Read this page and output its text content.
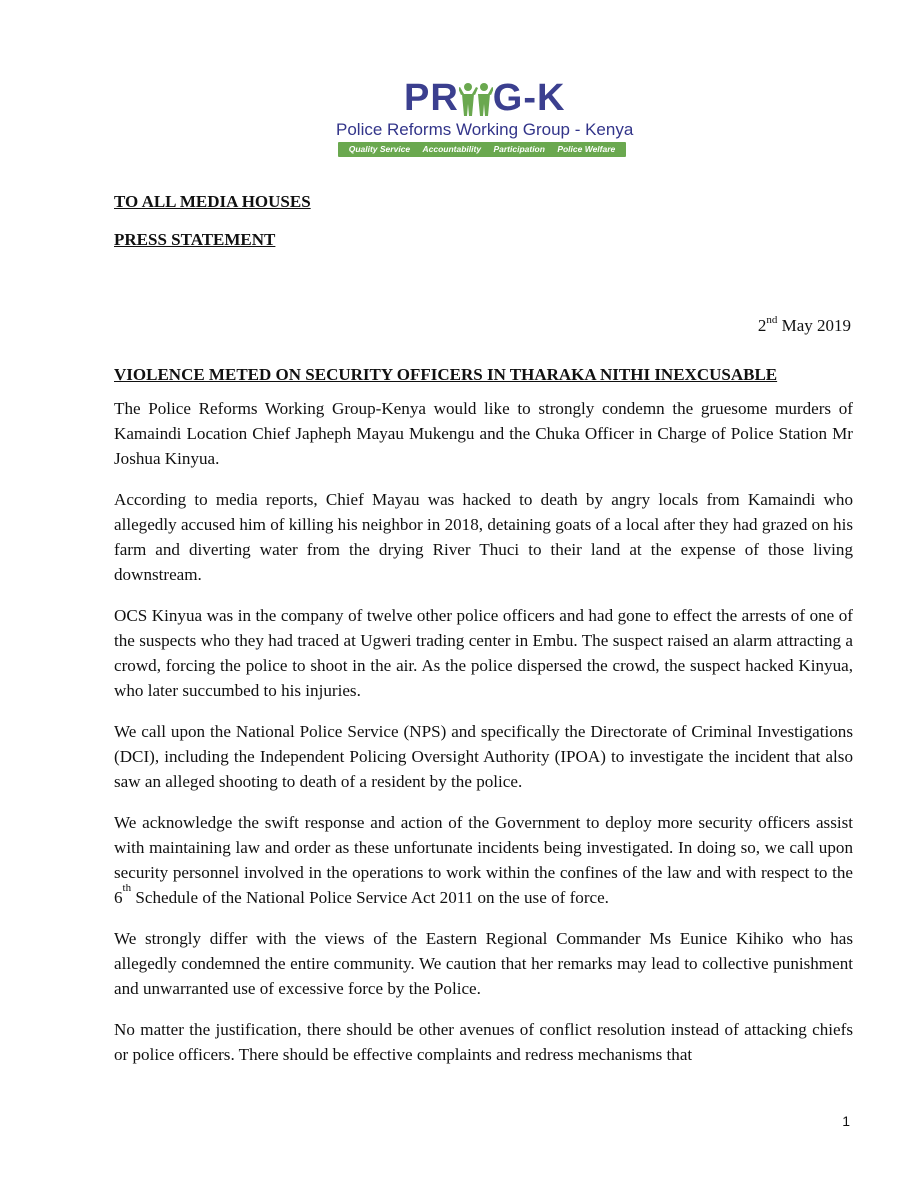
PR G-K
Police Reforms Working Group - Kenya
Quality Service Accountability Participation Police Welfare
TO ALL MEDIA HOUSES
PRESS STATEMENT
2nd May 2019
VIOLENCE METED ON SECURITY OFFICERS IN THARAKA NITHI INEXCUSABLE

The Police Reforms Working Group-Kenya would like to strongly condemn the gruesome murders of Kamaindi Location Chief Japheph Mayau Mukengu and the Chuka Officer in Charge of Police Station Mr Joshua Kinyua.

According to media reports, Chief Mayau was hacked to death by angry locals from Kamaindi who allegedly accused him of killing his neighbor in 2018, detaining goats of a local after they had grazed on his farm and diverting water from the drying River Thuci to their land at the expense of those living downstream.

OCS Kinyua was in the company of twelve other police officers and had gone to effect the arrests of one of the suspects who they had traced at Ugweri trading center in Embu. The suspect raised an alarm attracting a crowd, forcing the police to shoot in the air. As the police dispersed the crowd, the suspect hacked Kinyua, who later succumbed to his injuries.

We call upon the National Police Service (NPS) and specifically the Directorate of Criminal Investigations (DCI), including the Independent Policing Oversight Authority (IPOA) to investigate the incident that also saw an alleged shooting to death of a resident by the police.

We acknowledge the swift response and action of the Government to deploy more security officers assist with maintaining law and order as these unfortunate incidents being investigated. In doing so, we call upon security personnel involved in the operations to work within the confines of the law and with respect to the 6th Schedule of the National Police Service Act 2011 on the use of force.

We strongly differ with the views of the Eastern Regional Commander Ms Eunice Kihiko who has allegedly condemned the entire community. We caution that her remarks may lead to collective punishment and unwarranted use of excessive force by the Police.

No matter the justification, there should be other avenues of conflict resolution instead of attacking chiefs or police officers. There should be effective complaints and redress mechanisms that

1
